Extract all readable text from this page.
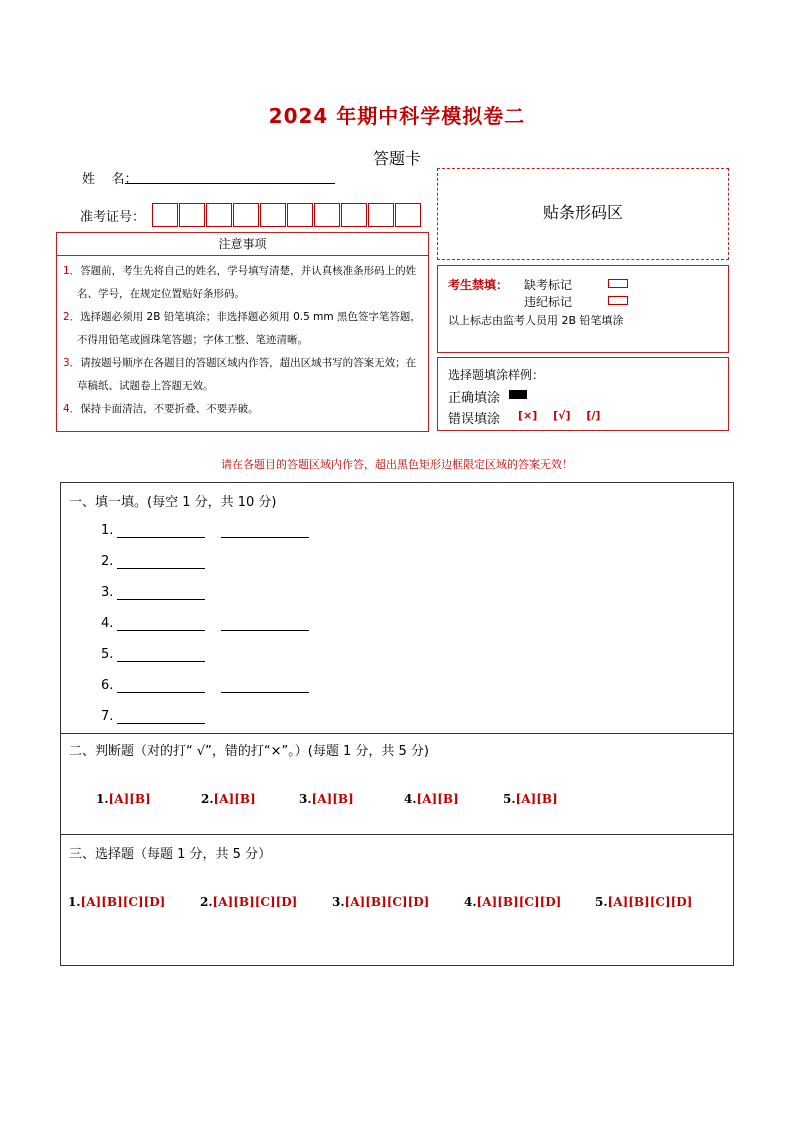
2024 年期中科学模拟卷二
答题卡
姓    名：
准考证号：
注意事项
1．答题前，考生先将自己的姓名，学号填写清楚，并认真核准条形码上的姓名、学号，在规定位置贴好条形码。
2．选择题必须用 2B 铅笔填涂；非选择题必须用 0.5 mm 黑色签字笔答题，不得用铅笔或圆珠笔答题；字体工整、笔迹清晰。
3．请按题号顺序在各题目的答题区域内作答，超出区域书写的答案无效；在草稿纸、试题卷上答题无效。
4．保持卡面清洁，不要折叠、不要弄破。
贴条形码区
考生禁填： 缺考标记
违纪标记
以上标志由监考人员用 2B 铅笔填涂
选择题填涂样例：
正确填涂
错误填涂 [×] [√] [/]
请在各题目的答题区域内作答，超出黑色矩形边框限定区域的答案无效！
一、填一填。(每空 1 分，共 10 分)
1.
2.
3.
4.
5.
6.
7.
二、判断题（对的打“ √”，错的打“×”。）(每题 1 分，共 5 分)
1.[A][B]	2.[A][B]	3.[A][B]	4.[A][B]	5.[A][B]
三、选择题（每题 1 分，共 5 分）
1.[A][B][C][D]	2.[A][B][C][D]	3.[A][B][C][D]	4.[A][B][C][D]	5.[A][B][C][D]
